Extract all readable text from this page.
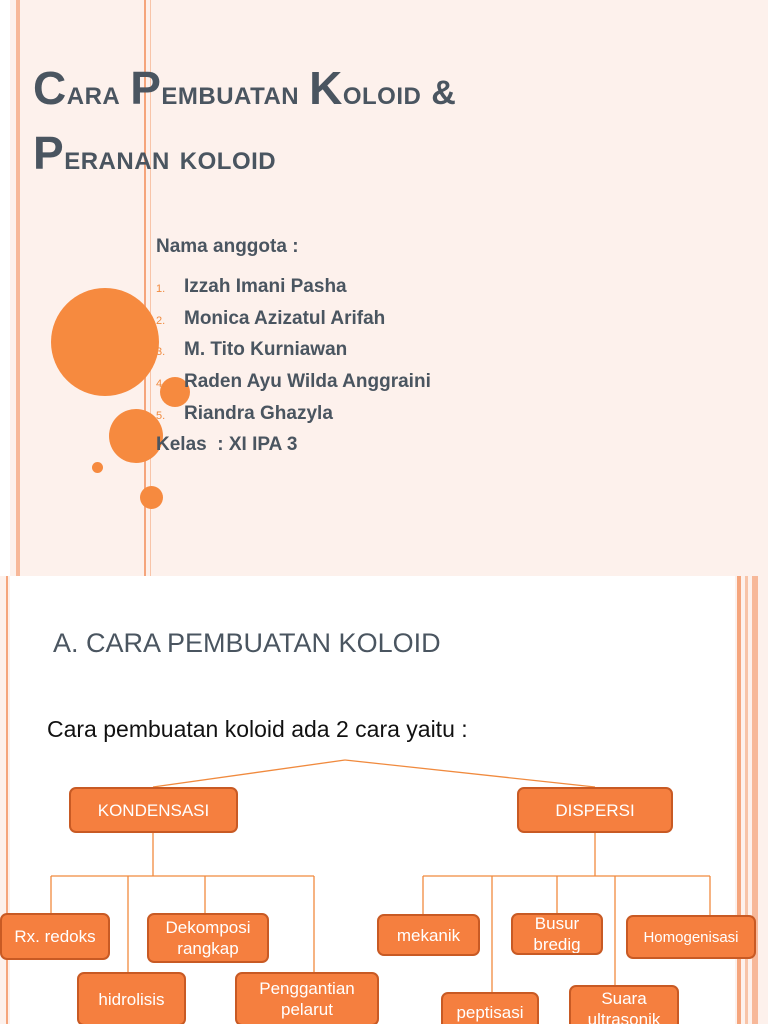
Cara Pembuatan Koloid &
Peranan koloid
Nama anggota :
1. Izzah Imani Pasha
2. Monica Azizatul Arifah
3. M. Tito Kurniawan
4. Raden Ayu Wilda Anggraini
5. Riandra Ghazyla
Kelas  : XI IPA 3
A. CARA PEMBUATAN KOLOID
Cara pembuatan koloid ada 2 cara yaitu :
KONDENSASI	DISPERSI
Rx. redoks	Dekomposi rangkap
hidrolisis
Penggantian pelarut
mekanik
Busur bredig	Homogenisasi
peptisasi
Suara ultrasonik
